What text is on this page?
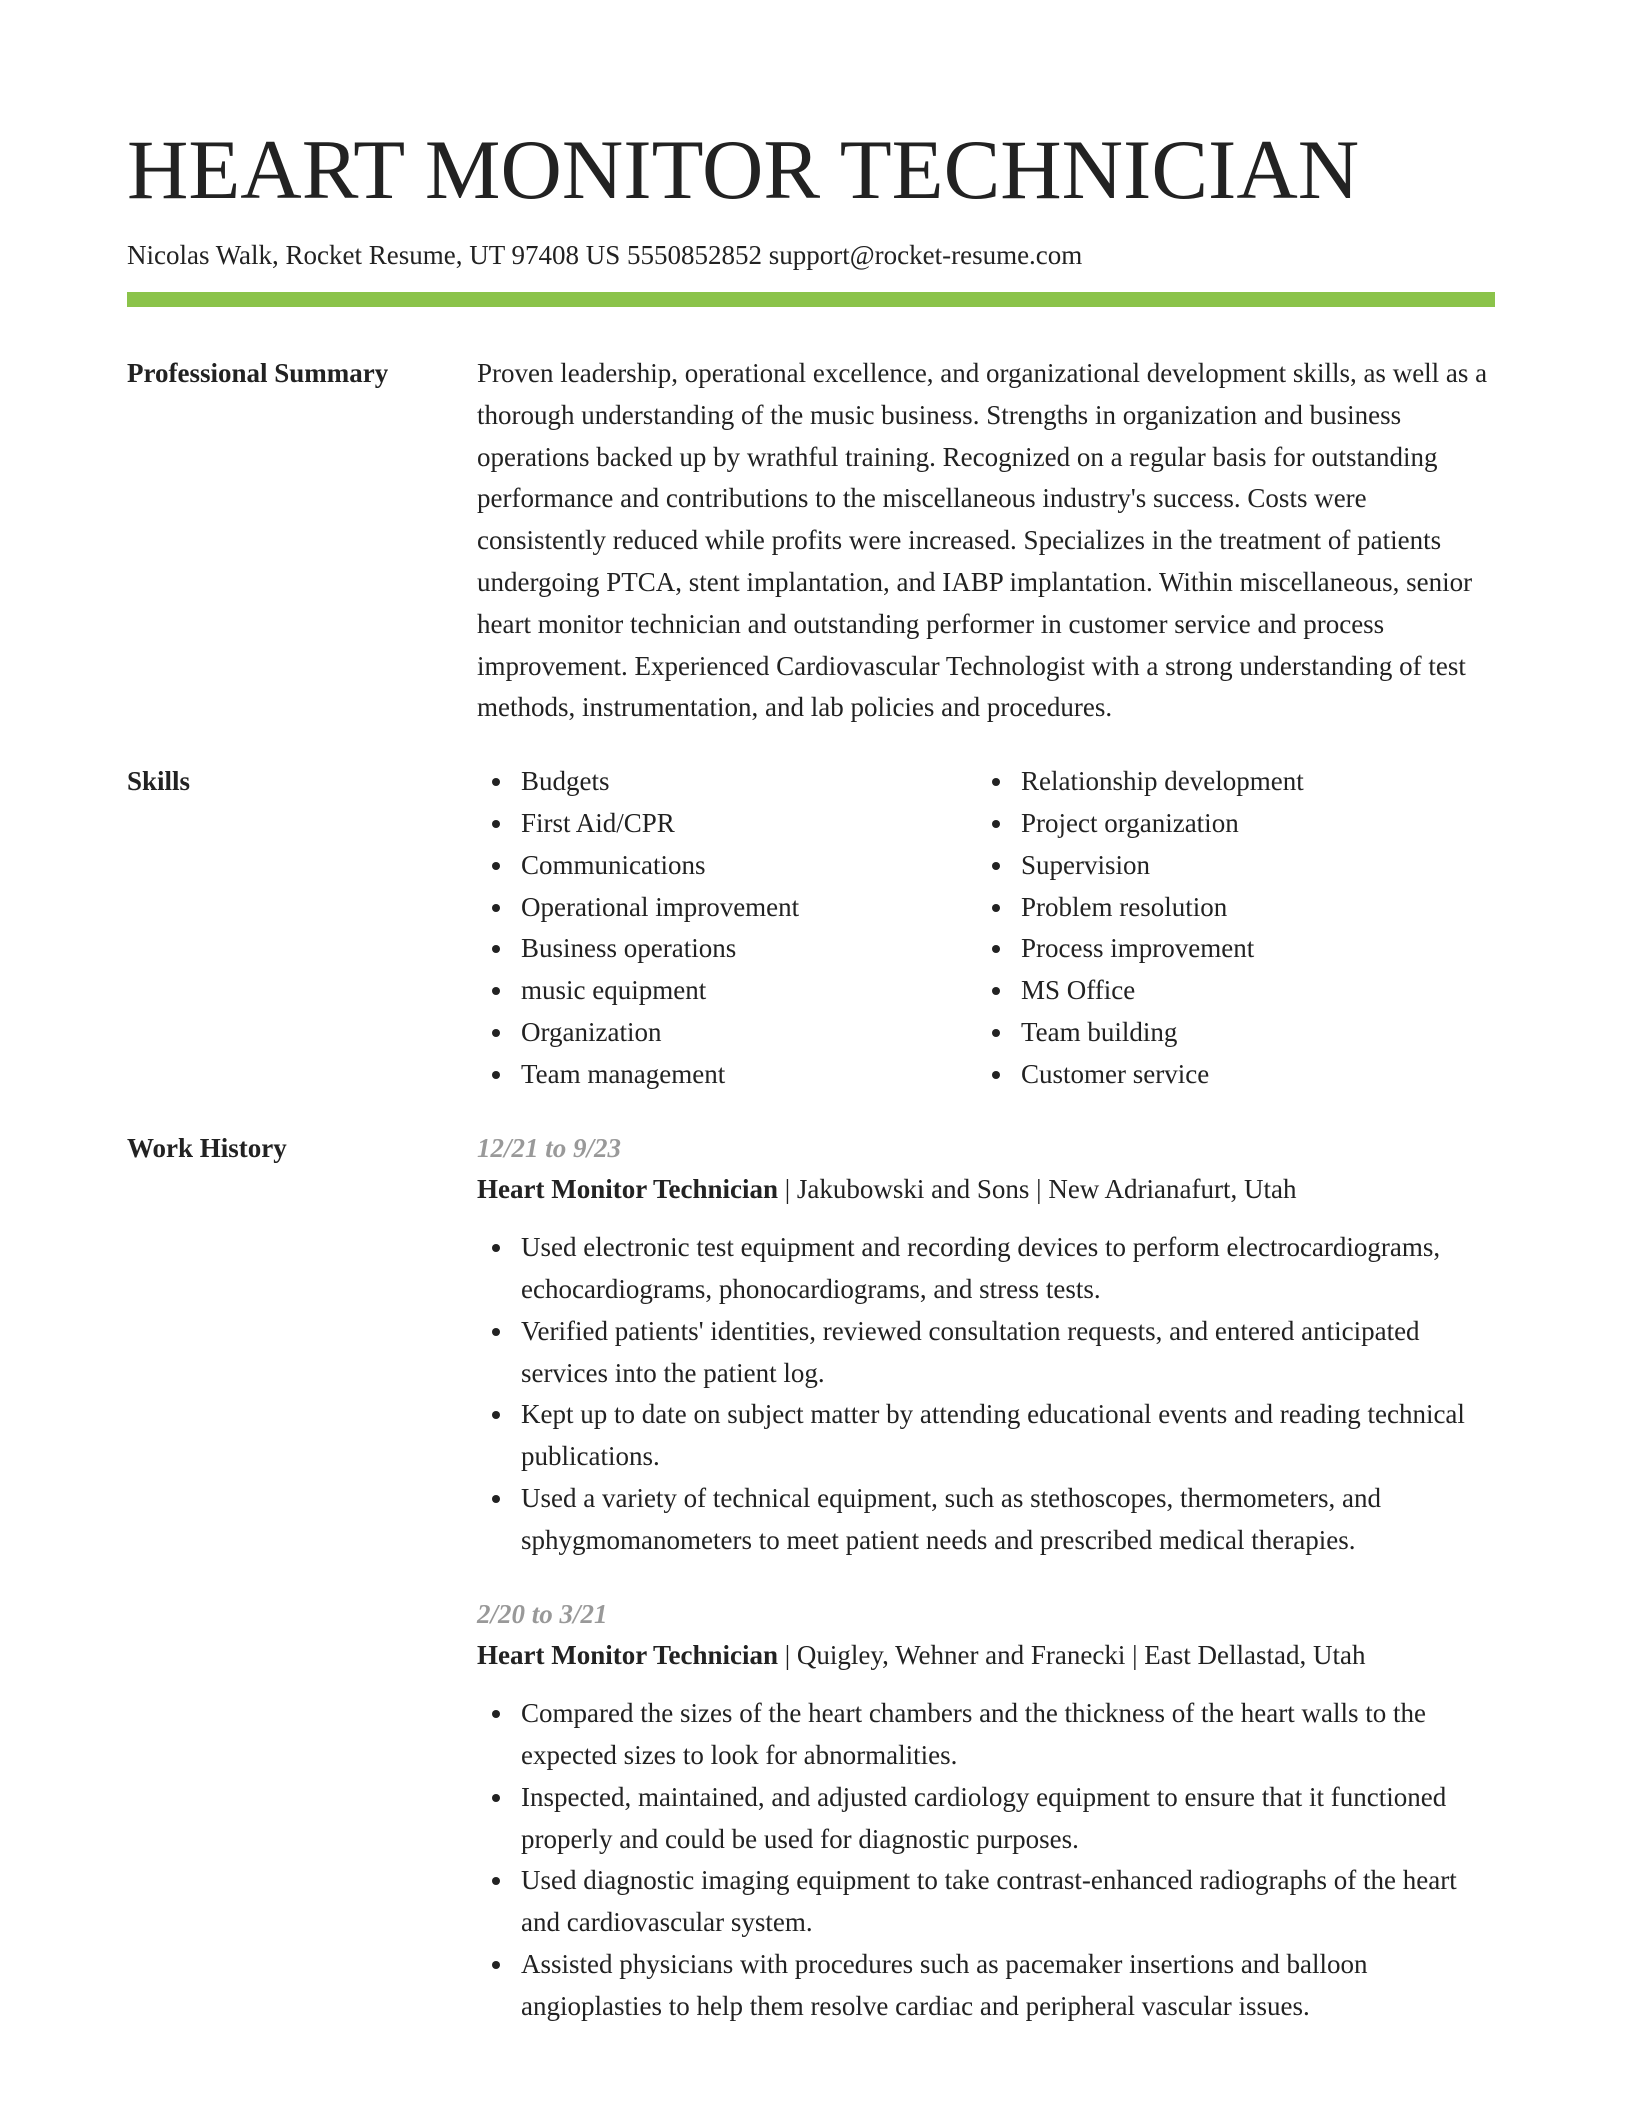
HEART MONITOR TECHNICIAN
Nicolas Walk, Rocket Resume, UT 97408 US 5550852852 support@rocket-resume.com
Professional Summary	Proven leadership, operational excellence, and organizational development skills, as well as a thorough understanding of the music business. Strengths in organization and business operations backed up by wrathful training. Recognized on a regular basis for outstanding performance and contributions to the miscellaneous industry's success. Costs were consistently reduced while profits were increased. Specializes in the treatment of patients undergoing PTCA, stent implantation, and IABP implantation. Within miscellaneous, senior heart monitor technician and outstanding performer in customer service and process improvement. Experienced Cardiovascular Technologist with a strong understanding of test methods, instrumentation, and lab policies and procedures.
Skills	Budgets
First Aid/CPR
Communications
Operational improvement
Business operations
music equipment
Organization
Team management
Relationship development
Project organization
Supervision
Problem resolution
Process improvement
MS Office
Team building
Customer service
Work History	12/21 to 9/23
Heart Monitor Technician | Jakubowski and Sons | New Adrianafurt, Utah
Used electronic test equipment and recording devices to perform electrocardiograms, echocardiograms, phonocardiograms, and stress tests.
Verified patients' identities, reviewed consultation requests, and entered anticipated services into the patient log.
Kept up to date on subject matter by attending educational events and reading technical publications.
Used a variety of technical equipment, such as stethoscopes, thermometers, and sphygmomanometers to meet patient needs and prescribed medical therapies.
2/20 to 3/21
Heart Monitor Technician | Quigley, Wehner and Franecki | East Dellastad, Utah
Compared the sizes of the heart chambers and the thickness of the heart walls to the expected sizes to look for abnormalities.
Inspected, maintained, and adjusted cardiology equipment to ensure that it functioned properly and could be used for diagnostic purposes.
Used diagnostic imaging equipment to take contrast-enhanced radiographs of the heart and cardiovascular system.
Assisted physicians with procedures such as pacemaker insertions and balloon angioplasties to help them resolve cardiac and peripheral vascular issues.
